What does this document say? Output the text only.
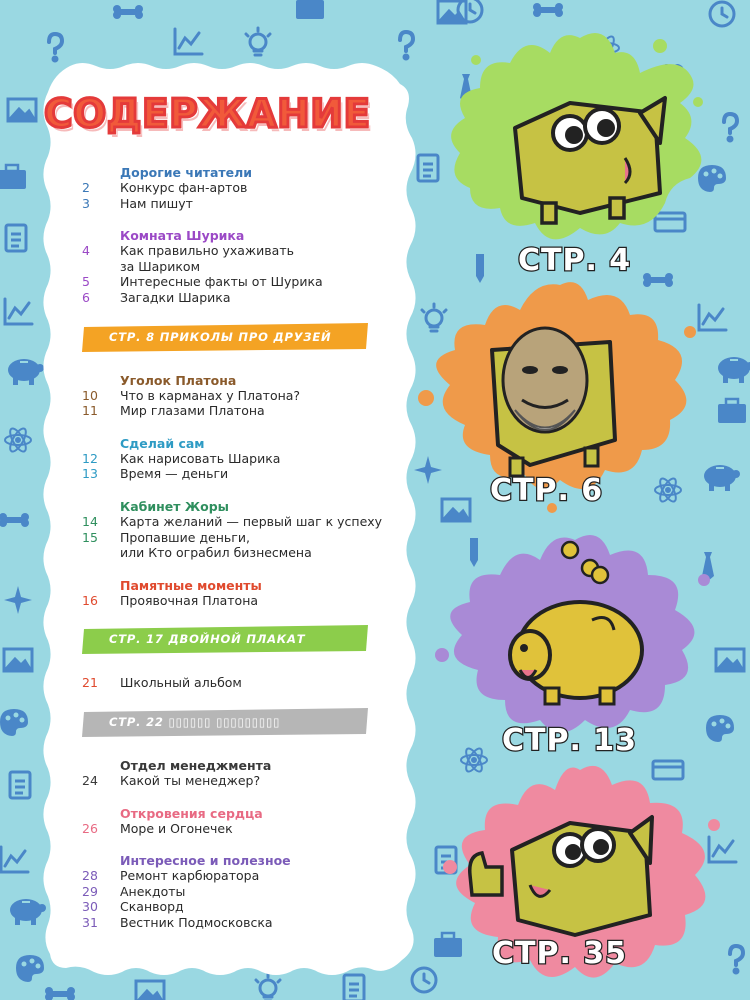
СОДЕРЖАНИЕ
Дорогие читатели
2	Конкурс фан-артов
3	Нам пишут
Комната Шурика
4	Как правильно ухаживать
за Шариком
5	Интересные факты от Шурика
6	Загадки Шарика
СТР. 8 ПРИКОЛЫ ПРО ДРУЗЕЙ
Уголок Платона
10	Что в карманах у Платона?
11	Мир глазами Платона
Сделай сам
12	Как нарисовать Шарика
13	Время — деньги
Кабинет Жоры
14	Карта желаний — первый шаг к успеху
15	Пропавшие деньги,
или Кто ограбил бизнесмена
Памятные моменты
16	Проявочная Платона
СТР. 17 ДВОЙНОЙ ПЛАКАТ
21	Школьный альбом
СТР. 22 ▯▯▯▯▯▯ ▯▯▯▯▯▯▯▯▯
Отдел менеджмента
24	Какой ты менеджер?
Откровения сердца
26	Море и Огонечек
Интересное и полезное
28	Ремонт карбюратора
29	Анекдоты
30	Сканворд
31	Вестник Подмосковска
СТР. 4
СТР. 6
СТР. 13
СТР. 35
